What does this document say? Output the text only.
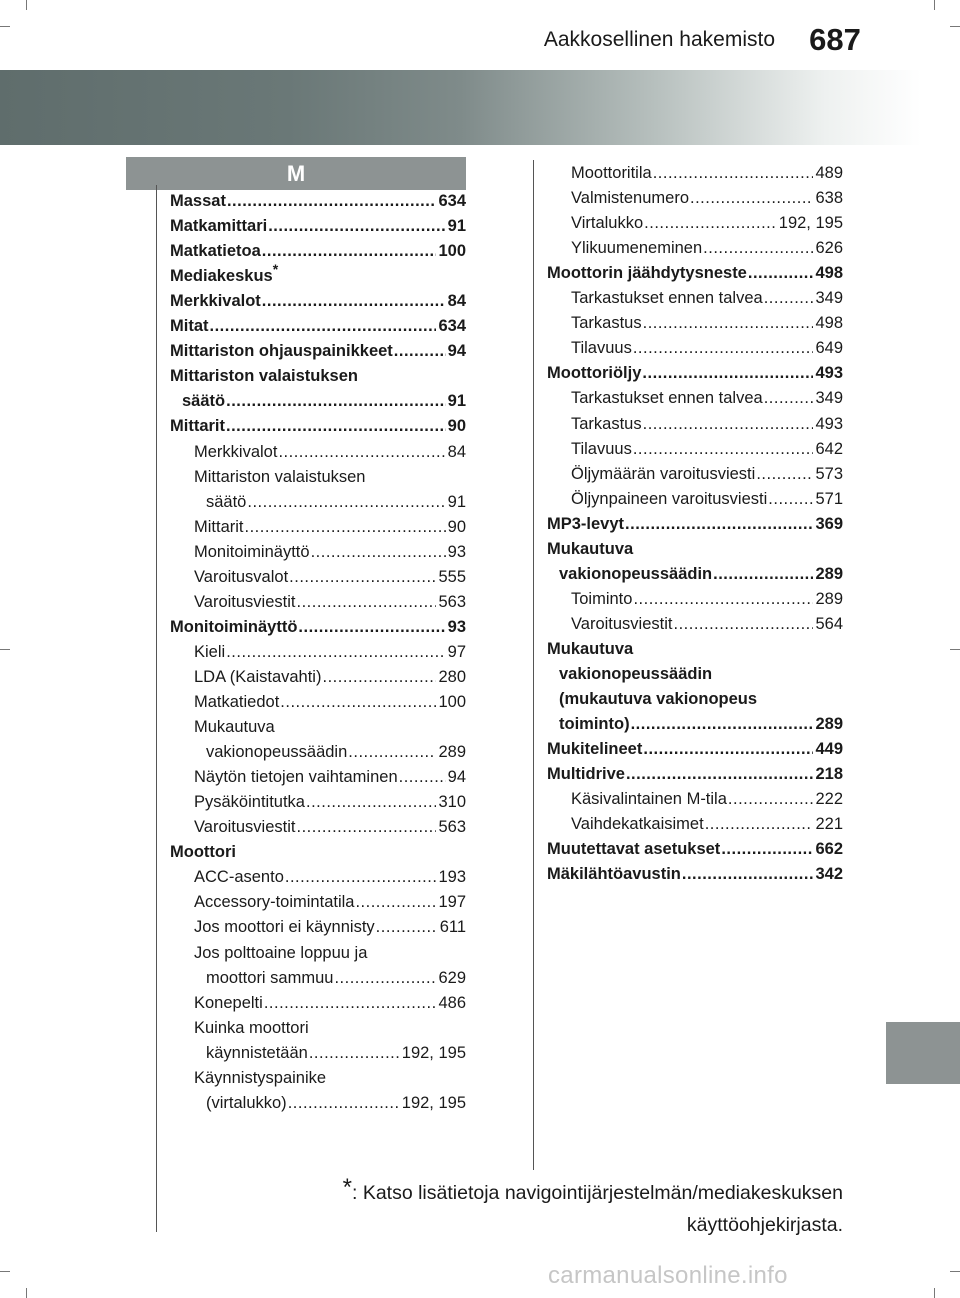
Aakkosellinen hakemisto	687
M
Massat .....	634
Matkamittari .....	91
Matkatietoa .....	100
Mediakeskus*
Merkkivalot .....	84
Mitat .....	634
Mittariston ohjauspainikkeet .....	94
Mittariston valaistuksen
säätö .....	91
Mittarit .....	90
Merkkivalot .....	84
Mittariston valaistuksen
säätö .....	91
Mittarit .....	90
Monitoiminäyttö .....	93
Varoitusvalot .....	555
Varoitusviestit .....	563
Monitoiminäyttö .....	93
Kieli .....	97
LDA (Kaistavahti) .....	280
Matkatiedot .....	100
Mukautuva
vakionopeussäädin .....	289
Näytön tietojen vaihtaminen .....	94
Pysäköintitutka .....	310
Varoitusviestit .....	563
Moottori
ACC-asento .....	193
Accessory-toimintatila .....	197
Jos moottori ei käynnisty .....	611
Jos polttoaine loppuu ja
moottori sammuu .....	629
Konepelti .....	486
Kuinka moottori
käynnistetään .....	192, 195
Käynnistyspainike
(virtalukko) .....	192, 195
Moottoritila .....	489
Valmistenumero .....	638
Virtalukko .....	192, 195
Ylikuumeneminen .....	626
Moottorin jäähdytysneste .....	498
Tarkastukset ennen talvea .....	349
Tarkastus .....	498
Tilavuus .....	649
Moottoriöljy .....	493
Tarkastukset ennen talvea .....	349
Tarkastus .....	493
Tilavuus .....	642
Öljymäärän varoitusviesti .....	573
Öljynpaineen varoitusviesti .....	571
MP3-levyt .....	369
Mukautuva
vakionopeussäädin .....	289
Toiminto .....	289
Varoitusviestit .....	564
Mukautuva
vakionopeussäädin
(mukautuva vakionopeus
toiminto) .....	289
Mukitelineet .....	449
Multidrive .....	218
Käsivalintainen M-tila .....	222
Vaihdekatkaisimet .....	221
Muutettavat asetukset .....	662
Mäkilähtöavustin .....	342
*: Katso lisätietoja navigointijärjestelmän/mediakeskuksen
käyttöohjekirjasta.
carmanualsonline.info
